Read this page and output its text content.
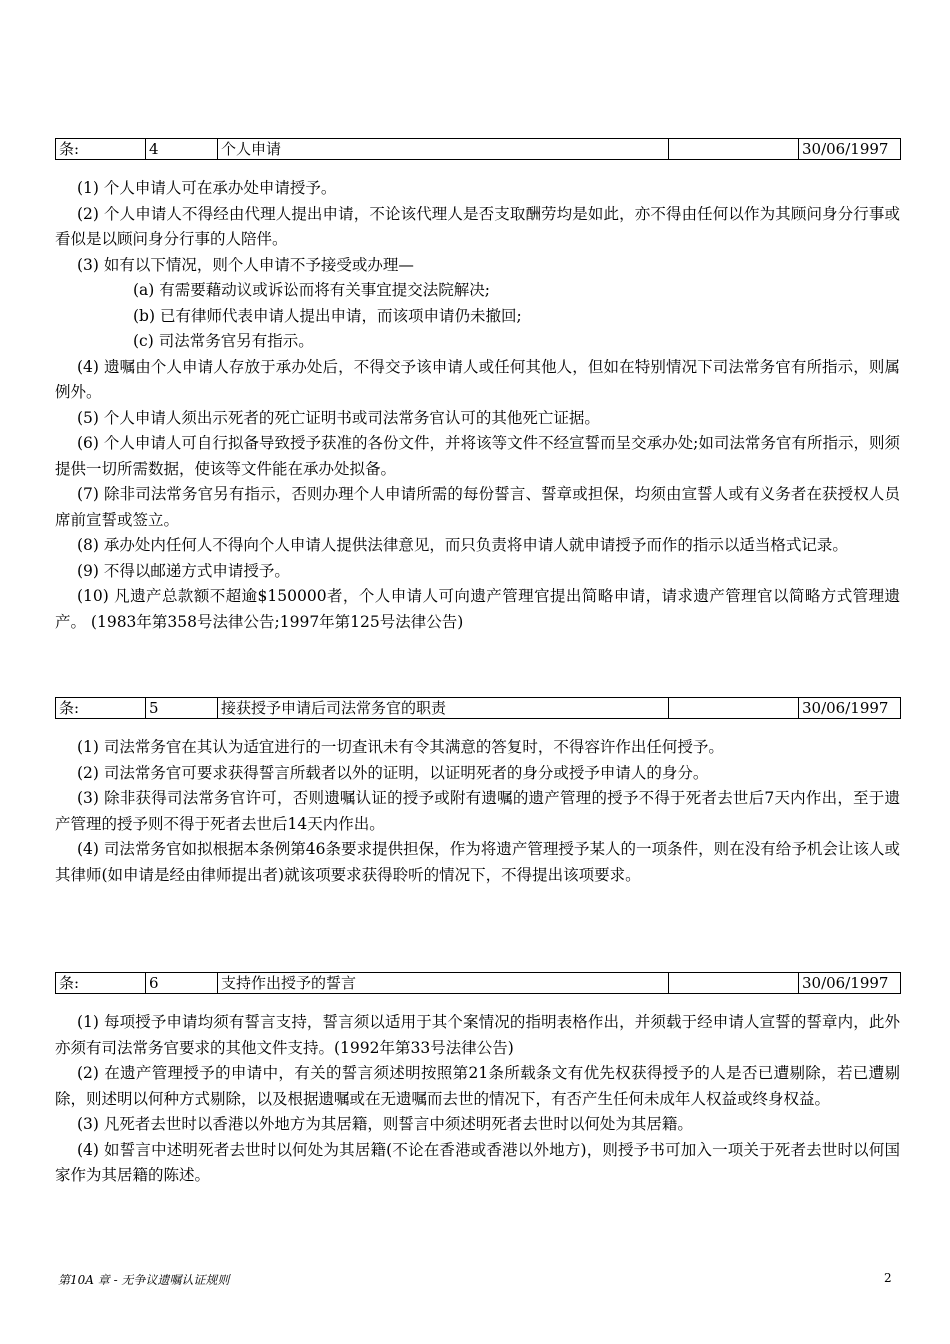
条:	4	个人申请		30/06/1997
(1) 个人申请人可在承办处申请授予。
(2) 个人申请人不得经由代理人提出申请，不论该代理人是否支取酬劳均是如此，亦不得由任何以作为其顾问身分行事或看似是以顾问身分行事的人陪伴。
(3) 如有以下情况，则个人申请不予接受或办理—
(a) 有需要藉动议或诉讼而将有关事宜提交法院解决;
(b) 已有律师代表申请人提出申请，而该项申请仍未撤回;
(c) 司法常务官另有指示。
(4) 遗嘱由个人申请人存放于承办处后，不得交予该申请人或任何其他人，但如在特别情况下司法常务官有所指示，则属例外。
(5) 个人申请人须出示死者的死亡证明书或司法常务官认可的其他死亡证据。
(6) 个人申请人可自行拟备导致授予获准的各份文件，并将该等文件不经宣誓而呈交承办处;如司法常务官有所指示，则须提供一切所需数据，使该等文件能在承办处拟备。
(7) 除非司法常务官另有指示，否则办理个人申请所需的每份誓言、誓章或担保，均须由宣誓人或有义务者在获授权人员席前宣誓或签立。
(8) 承办处内任何人不得向个人申请人提供法律意见，而只负责将申请人就申请授予而作的指示以适当格式记录。
(9) 不得以邮递方式申请授予。
(10) 凡遗产总款额不超逾$150000者，个人申请人可向遗产管理官提出简略申请，请求遗产管理官以简略方式管理遗产。 (1983年第358号法律公告;1997年第125号法律公告)
条:	5	接获授予申请后司法常务官的职责		30/06/1997
(1) 司法常务官在其认为适宜进行的一切查讯未有令其满意的答复时，不得容许作出任何授予。
(2) 司法常务官可要求获得誓言所载者以外的证明，以证明死者的身分或授予申请人的身分。
(3) 除非获得司法常务官许可，否则遗嘱认证的授予或附有遗嘱的遗产管理的授予不得于死者去世后7天内作出，至于遗产管理的授予则不得于死者去世后14天内作出。
(4) 司法常务官如拟根据本条例第46条要求提供担保，作为将遗产管理授予某人的一项条件，则在没有给予机会让该人或其律师(如申请是经由律师提出者)就该项要求获得聆听的情况下，不得提出该项要求。
条:	6	支持作出授予的誓言		30/06/1997
(1) 每项授予申请均须有誓言支持，誓言须以适用于其个案情况的指明表格作出，并须载于经申请人宣誓的誓章内，此外亦须有司法常务官要求的其他文件支持。(1992年第33号法律公告)
(2) 在遗产管理授予的申请中，有关的誓言须述明按照第21条所载条文有优先权获得授予的人是否已遭剔除，若已遭剔除，则述明以何种方式剔除，以及根据遗嘱或在无遗嘱而去世的情况下，有否产生任何未成年人权益或终身权益。
(3) 凡死者去世时以香港以外地方为其居籍，则誓言中须述明死者去世时以何处为其居籍。
(4) 如誓言中述明死者去世时以何处为其居籍(不论在香港或香港以外地方)，则授予书可加入一项关于死者去世时以何国家作为其居籍的陈述。
第10A 章 - 无争议遗嘱认证规则	2
